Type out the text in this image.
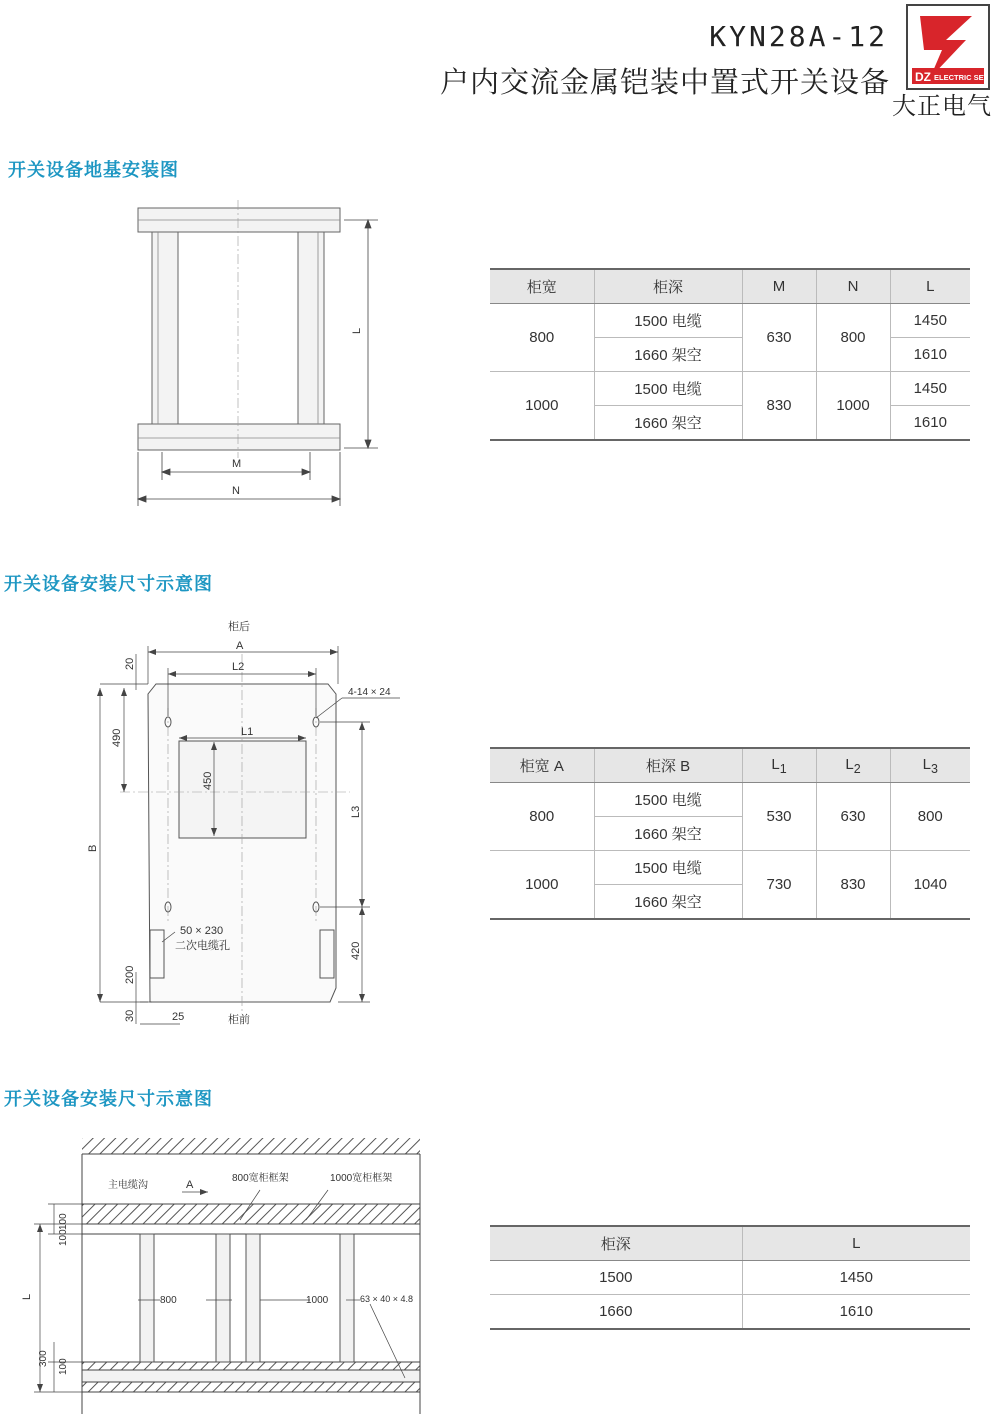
KYN28A-12
户内交流金属铠装中置式开关设备 DZ ELECTRIC SET
大正电气
开关设备地基安装图
L
M
N
柜宽	柜深	M	N	L
800	1500 电缆	630	800	1450
	1660 架空			1610
1000	1500 电缆	830	1000	1450
	1660 架空			1610
开关设备安装尺寸示意图
柜后
A
L2
L1
4-14 × 24
20
490
450
B
L3
420
200
30	25
50 × 230
二次电缆孔
柜前
柜宽 A	柜深 B	$L_1$	$L_2$	$L_3$
800	1500 电缆	530	630	800
	1660 架空			
1000	1500 电缆	730	830	1040
	1660 架空			
开关设备安装尺寸示意图
主电缆沟	A
800宽柜框架	1000宽柜框架
800	1000	63 × 40 × 4.8
100
100
300 100
L
柜深	L
1500	1450
1660	1610
